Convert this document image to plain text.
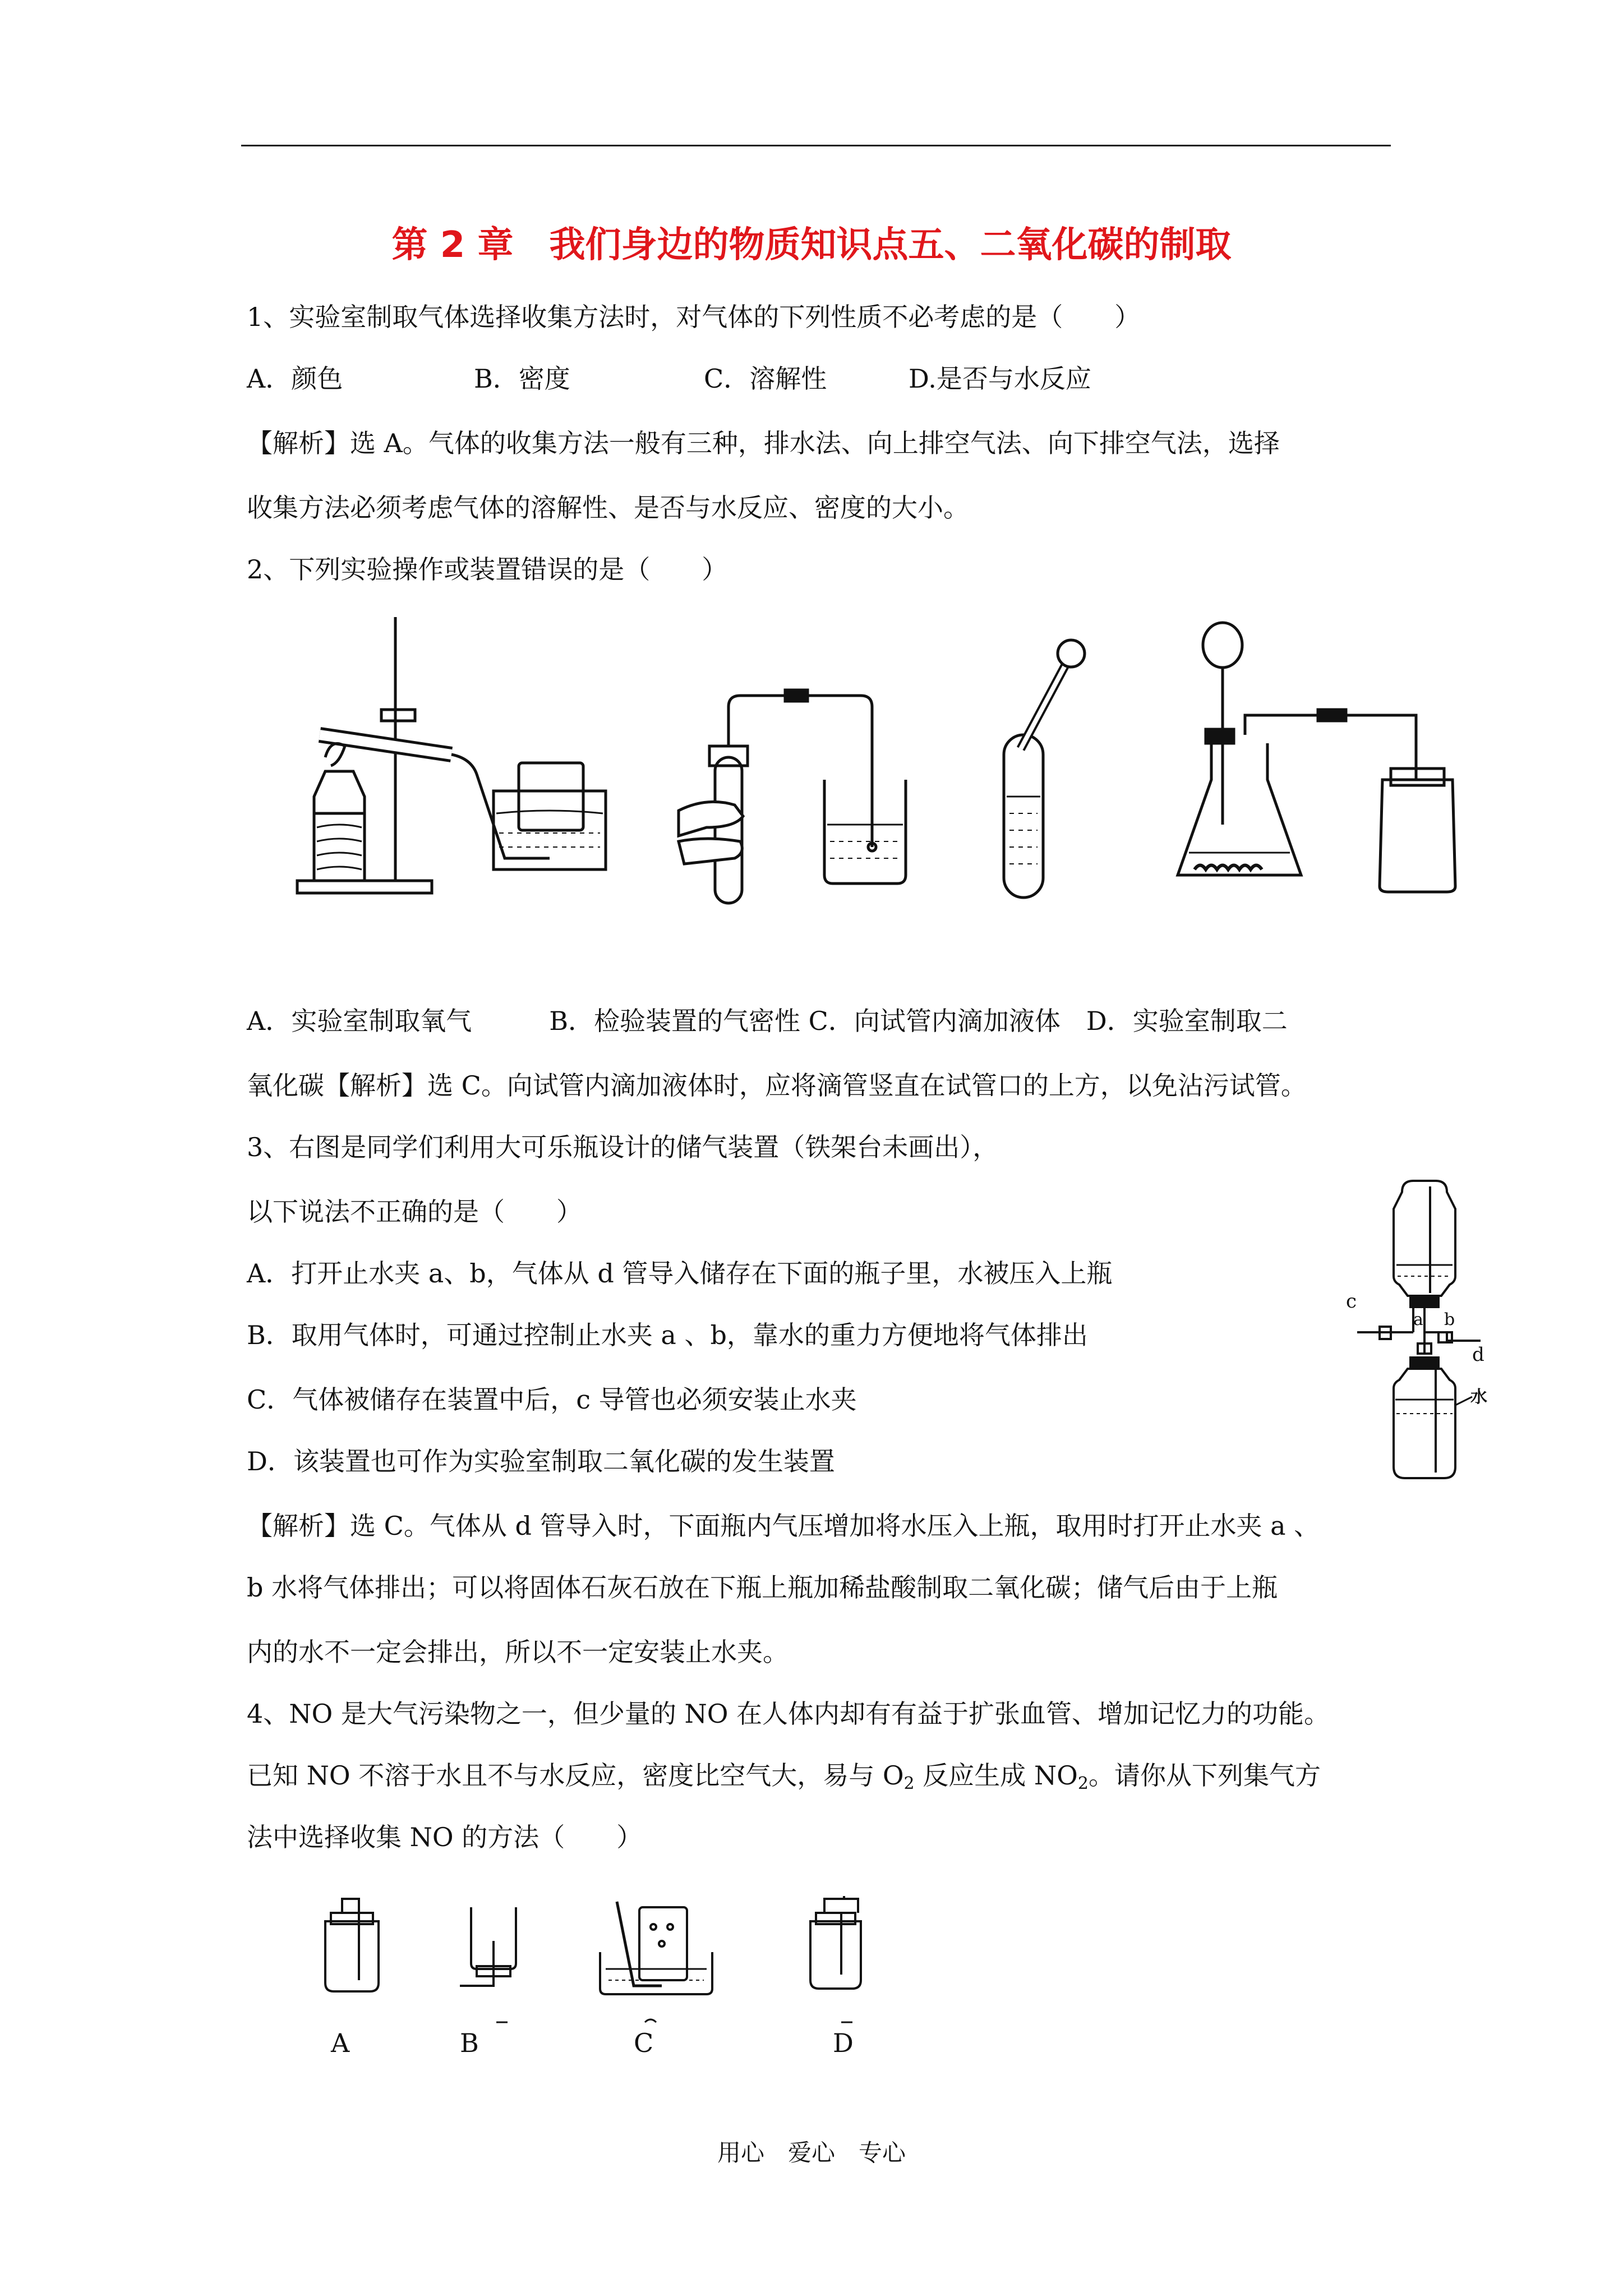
第 2 章　我们身边的物质知识点五、二氧化碳的制取
1、实验室制取气体选择收集方法时，对气体的下列性质不必考虑的是（　　）
A．颜色	B．密度	C．溶解性	D.是否与水反应
【解析】选 A。气体的收集方法一般有三种，排水法、向上排空气法、向下排空气法，选择
收集方法必须考虑气体的溶解性、是否与水反应、密度的大小。
2、下列实验操作或装置错误的是（　　）
A．实验室制取氧气　　　B．检验装置的气密性 C．向试管内滴加液体　D．实验室制取二
氧化碳【解析】选 C。向试管内滴加液体时，应将滴管竖直在试管口的上方，以免沾污试管。
3、右图是同学们利用大可乐瓶设计的储气装置（铁架台未画出），
以下说法不正确的是（　　）
A．打开止水夹 a、b，气体从 d 管导入储存在下面的瓶子里，水被压入上瓶
B．取用气体时，可通过控制止水夹 a 、b，靠水的重力方便地将气体排出
C．气体被储存在装置中后，c 导管也必须安装止水夹
D．该装置也可作为实验室制取二氧化碳的发生装置
【解析】选 C。气体从 d 管导入时，下面瓶内气压增加将水压入上瓶，取用时打开止水夹 a 、
b 水将气体排出；可以将固体石灰石放在下瓶上瓶加稀盐酸制取二氧化碳；储气后由于上瓶
内的水不一定会排出，所以不一定安装止水夹。
c
a b
d
水
4、NO 是大气污染物之一，但少量的 NO 在人体内却有有益于扩张血管、增加记忆力的功能。
已知 NO 不溶于水且不与水反应，密度比空气大，易与 $O_2$ 反应生成 $NO_2$。请你从下列集气方
法中选择收集 NO 的方法（　　）
A	B	C	D
用心　爱心　专心
